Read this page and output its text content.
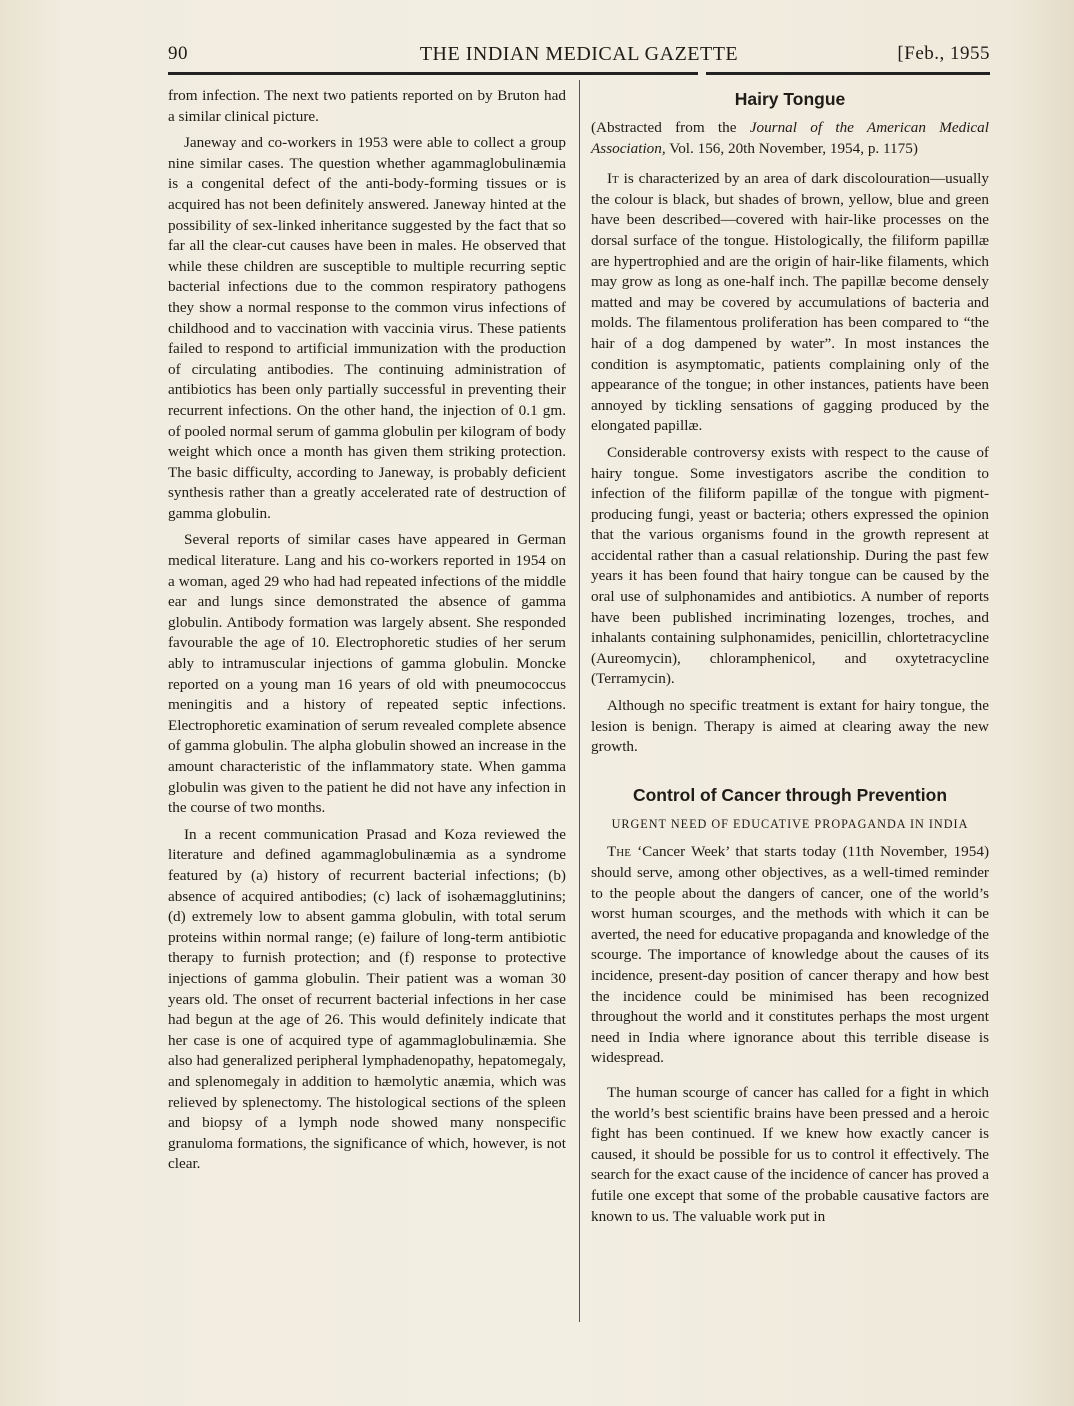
90	THE INDIAN MEDICAL GAZETTE	[Feb., 1955

from infection. The next two patients reported on by Bruton had a similar clinical picture.

Janeway and co-workers in 1953 were able to collect a group nine similar cases. The question whether agammaglobulinæmia is a congenital defect of the anti-body-forming tissues or is acquired has not been definitely answered. Janeway hinted at the possibility of sex-linked inheritance suggested by the fact that so far all the clear-cut causes have been in males. He observed that while these children are susceptible to multiple recurring septic bacterial infections due to the common respiratory pathogens they show a normal response to the common virus infections of childhood and to vaccination with vaccinia virus. These patients failed to respond to artificial immunization with the production of circulating antibodies. The continuing administration of antibiotics has been only partially successful in preventing their recurrent infections. On the other hand, the injection of 0.1 gm. of pooled normal serum of gamma globulin per kilogram of body weight which once a month has given them striking protection. The basic difficulty, according to Janeway, is probably deficient synthesis rather than a greatly accelerated rate of destruction of gamma globulin.

Several reports of similar cases have appeared in German medical literature. Lang and his co-workers reported in 1954 on a woman, aged 29 who had had repeated infections of the middle ear and lungs since demonstrated the absence of gamma globulin. Antibody formation was largely absent. She responded favourable the age of 10. Electrophoretic studies of her serum ably to intramuscular injections of gamma globulin. Moncke reported on a young man 16 years of old with pneumococcus meningitis and a history of repeated septic infections. Electrophoretic examination of serum revealed complete absence of gamma globulin. The alpha globulin showed an increase in the amount characteristic of the inflammatory state. When gamma globulin was given to the patient he did not have any infection in the course of two months.

In a recent communication Prasad and Koza reviewed the literature and defined agammaglobulinæmia as a syndrome featured by (a) history of recurrent bacterial infections; (b) absence of acquired antibodies; (c) lack of isohæmagglutinins; (d) extremely low to absent gamma globulin, with total serum proteins within normal range; (e) failure of long-term antibiotic therapy to furnish protection; and (f) response to protective injections of gamma globulin. Their patient was a woman 30 years old. The onset of recurrent bacterial infections in her case had begun at the age of 26. This would definitely indicate that her case is one of acquired type of agammaglobulinæmia. She also had generalized peripheral lymphadenopathy, hepatomegaly, and splenomegaly in addition to hæmolytic anæmia, which was relieved by splenectomy. The histological sections of the spleen and biopsy of a lymph node showed many nonspecific granuloma formations, the significance of which, however, is not clear.

Hairy Tongue

(Abstracted from the Journal of the American Medical Association, Vol. 156, 20th November, 1954, p. 1175)

It is characterized by an area of dark discolouration—usually the colour is black, but shades of brown, yellow, blue and green have been described—covered with hair-like processes on the dorsal surface of the tongue. Histologically, the filiform papillæ are hypertrophied and are the origin of hair-like filaments, which may grow as long as one-half inch. The papillæ become densely matted and may be covered by accumulations of bacteria and molds. The filamentous proliferation has been compared to “the hair of a dog dampened by water”. In most instances the condition is asymptomatic, patients complaining only of the appearance of the tongue; in other instances, patients have been annoyed by tickling sensations of gagging produced by the elongated papillæ.

Considerable controversy exists with respect to the cause of hairy tongue. Some investigators ascribe the condition to infection of the filiform papillæ of the tongue with pigment-producing fungi, yeast or bacteria; others expressed the opinion that the various organisms found in the growth represent at accidental rather than a casual relationship. During the past few years it has been found that hairy tongue can be caused by the oral use of sulphonamides and antibiotics. A number of reports have been published incriminating lozenges, troches, and inhalants containing sulphonamides, penicillin, chlortetracycline (Aureomycin), chloramphenicol, and oxytetracycline (Terramycin).

Although no specific treatment is extant for hairy tongue, the lesion is benign. Therapy is aimed at clearing away the new growth.

Control of Cancer through Prevention
URGENT NEED OF EDUCATIVE PROPAGANDA IN INDIA

The ‘Cancer Week’ that starts today (11th November, 1954) should serve, among other objectives, as a well-timed reminder to the people about the dangers of cancer, one of the world’s worst human scourges, and the methods with which it can be averted, the need for educative propaganda and knowledge of the scourge. The importance of knowledge about the causes of its incidence, present-day position of cancer therapy and how best the incidence could be minimised has been recognized throughout the world and it constitutes perhaps the most urgent need in India where ignorance about this terrible disease is widespread.

The human scourge of cancer has called for a fight in which the world’s best scientific brains have been pressed and a heroic fight has been continued. If we knew how exactly cancer is caused, it should be possible for us to control it effectively. The search for the exact cause of the incidence of cancer has proved a futile one except that some of the probable causative factors are known to us. The valuable work put in
